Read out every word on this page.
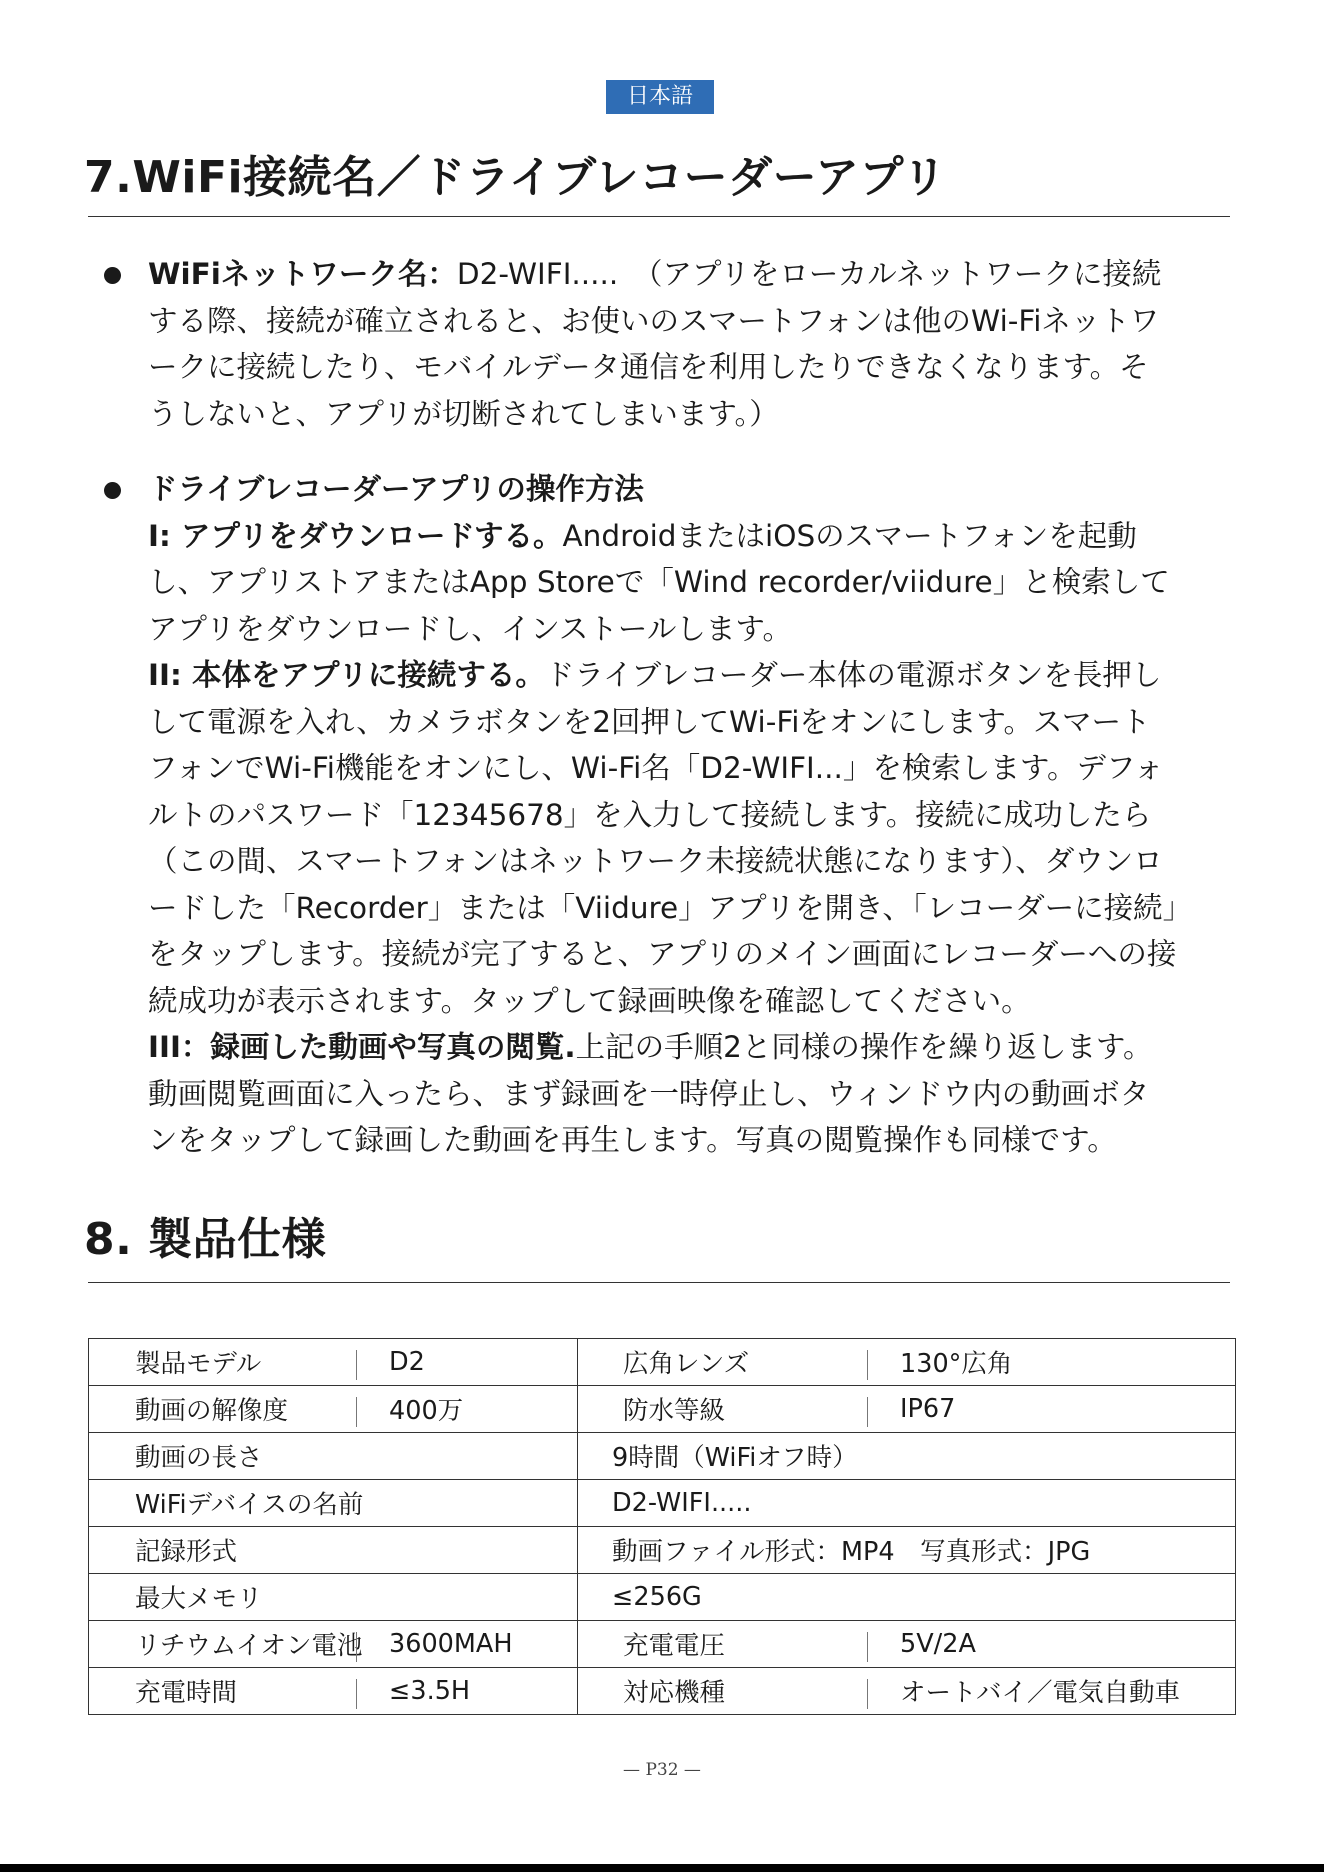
日本語
7.WiFi接続名／ドライブレコーダーアプリ

WiFiネットワーク名：D2-WIFI.....　（アプリをローカルネットワークに接続する際、接続が確立されると、お使いのスマートフォンは他のWi-Fiネットワークに接続したり、モバイルデータ通信を利用したりできなくなります。そうしないと、アプリが切断されてしまいます。）

ドライブレコーダーアプリの操作方法

I: アプリをダウンロードする。AndroidまたはiOSのスマートフォンを起動し、アプリストアまたはApp Storeで「Wind recorder/viidure」と検索してアプリをダウンロードし、インストールします。

II: 本体をアプリに接続する。ドライブレコーダー本体の電源ボタンを長押しして電源を入れ、カメラボタンを2回押してWi-Fiをオンにします。スマートフォンでWi-Fi機能をオンにし、Wi-Fi名「D2-WIFI...」を検索します。デフォルトのパスワード「12345678」を入力して接続します。接続に成功したら（この間、スマートフォンはネットワーク未接続状態になります）、ダウンロードした「Recorder」または「Viidure」アプリを開き、「レコーダーに接続」をタップします。接続が完了すると、アプリのメイン画面にレコーダーへの接続成功が表示されます。タップして録画映像を確認してください。

III：録画した動画や写真の閲覧.上記の手順2と同様の操作を繰り返します。動画閲覧画面に入ったら、まず録画を一時停止し、ウィンドウ内の動画ボタンをタップして録画した動画を再生します。写真の閲覧操作も同様です。

8. 製品仕様
製品モデル D2	広角レンズ 130°広角

動画の解像度 400万	防水等級 IP67

動画の長さ	9時間（WiFiオフ時）
WiFiデバイスの名前	D2-WIFI.....
記録形式	動画ファイル形式：MP4　写真形式：JPG
最大メモリ	≤256G

リチウムイオン電池 3600MAH	充電電圧 5V/2A

充電時間 ≤3.5H	対応機種 オートバイ／電気自動車
— P32 —
